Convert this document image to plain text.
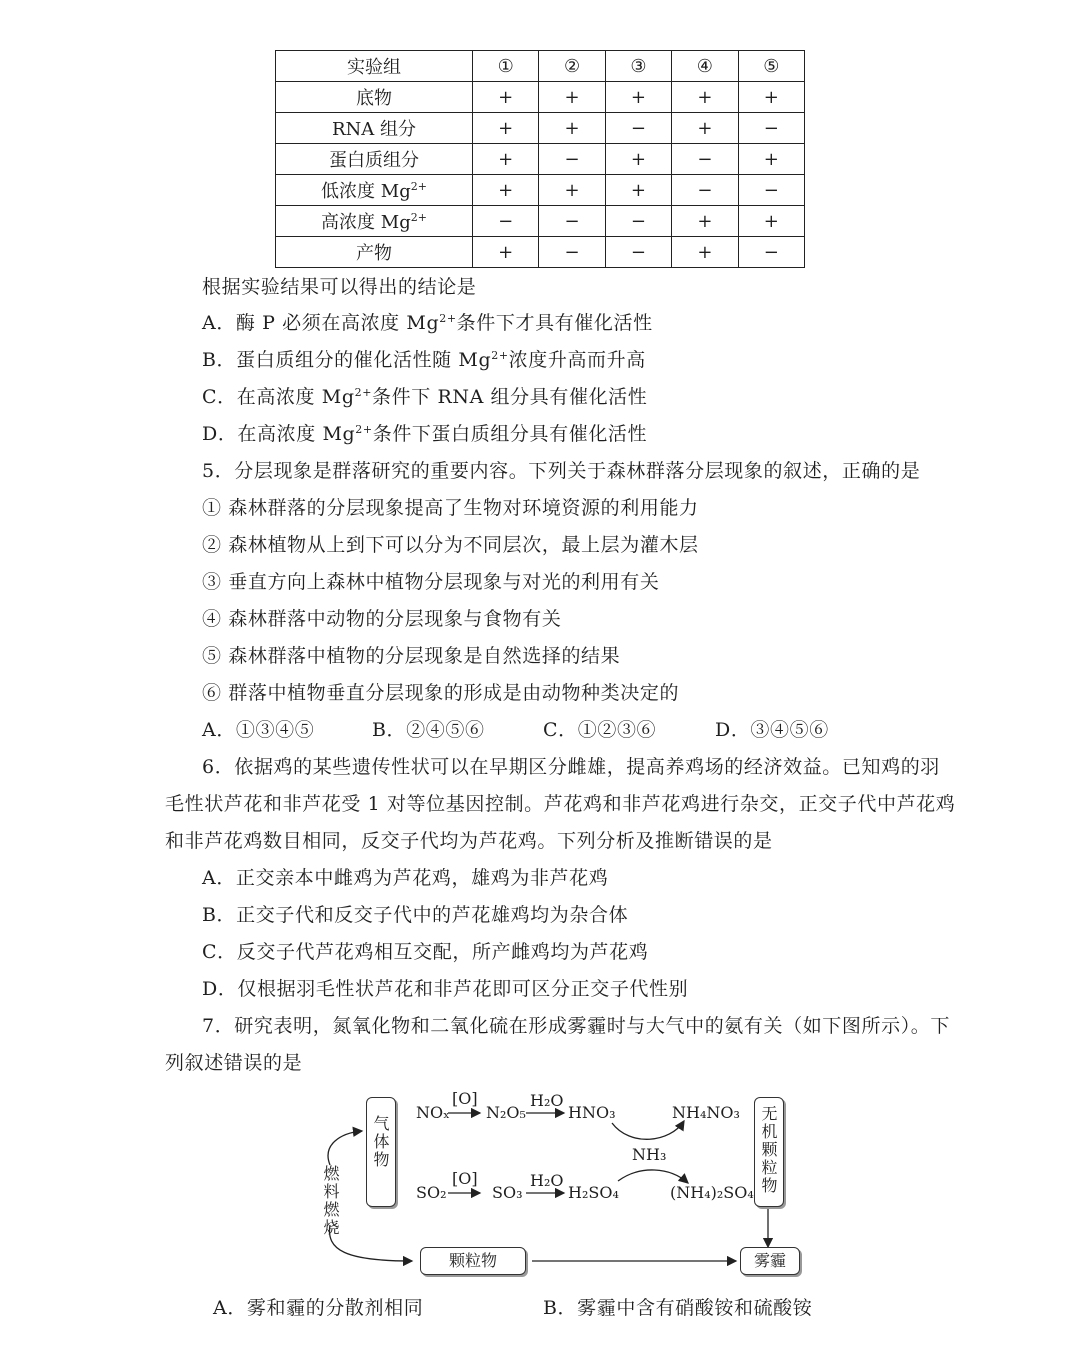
实验组	①	②	③	④	⑤
底物	+	+	+	+	+
RNA 组分	+	+	−	+	−
蛋白质组分	+	−	+	−	+
低浓度 $Mg^{2+}$	+	+	+	−	−
高浓度 $Mg^{2+}$	−	−	−	+	+
产物	+	−	−	+	−
根据实验结果可以得出的结论是
A．酶 P 必须在高浓度 $Mg^{2+}$条件下才具有催化活性
B．蛋白质组分的催化活性随 $Mg^{2+}$浓度升高而升高
C．在高浓度 $Mg^{2+}$条件下 RNA 组分具有催化活性
D．在高浓度 $Mg^{2+}$条件下蛋白质组分具有催化活性
5．分层现象是群落研究的重要内容。下列关于森林群落分层现象的叙述，正确的是
① 森林群落的分层现象提高了生物对环境资源的利用能力
② 森林植物从上到下可以分为不同层次，最上层为灌木层
③ 垂直方向上森林中植物分层现象与对光的利用有关
④ 森林群落中动物的分层现象与食物有关
⑤ 森林群落中植物的分层现象是自然选择的结果
⑥ 群落中植物垂直分层现象的形成是由动物种类决定的
A．①③④⑤	B．②④⑤⑥	C．①②③⑥	D．③④⑤⑥
6．依据鸡的某些遗传性状可以在早期区分雌雄，提高养鸡场的经济效益。已知鸡的羽
毛性状芦花和非芦花受 1 对等位基因控制。芦花鸡和非芦花鸡进行杂交，正交子代中芦花鸡
和非芦花鸡数目相同，反交子代均为芦花鸡。下列分析及推断错误的是
A．正交亲本中雌鸡为芦花鸡，雄鸡为非芦花鸡
B．正交子代和反交子代中的芦花雄鸡均为杂合体
C．反交子代芦花鸡相互交配，所产雌鸡均为芦花鸡
D．仅根据羽毛性状芦花和非芦花即可区分正交子代性别
7．研究表明，氮氧化物和二氧化硫在形成雾霾时与大气中的氨有关（如下图所示）。下
列叙述错误的是
燃料燃烧
气体物	无机颗粒物
NOₓ
[O]
N₂O₅
H₂O
HNO₃	NH₄NO₃
NH₃
SO₂
[O]
SO₃
H₂O
H₂SO₄	(NH₄)₂SO₄
颗粒物	雾霾
A．雾和霾的分散剂相同	B．雾霾中含有硝酸铵和硫酸铵
